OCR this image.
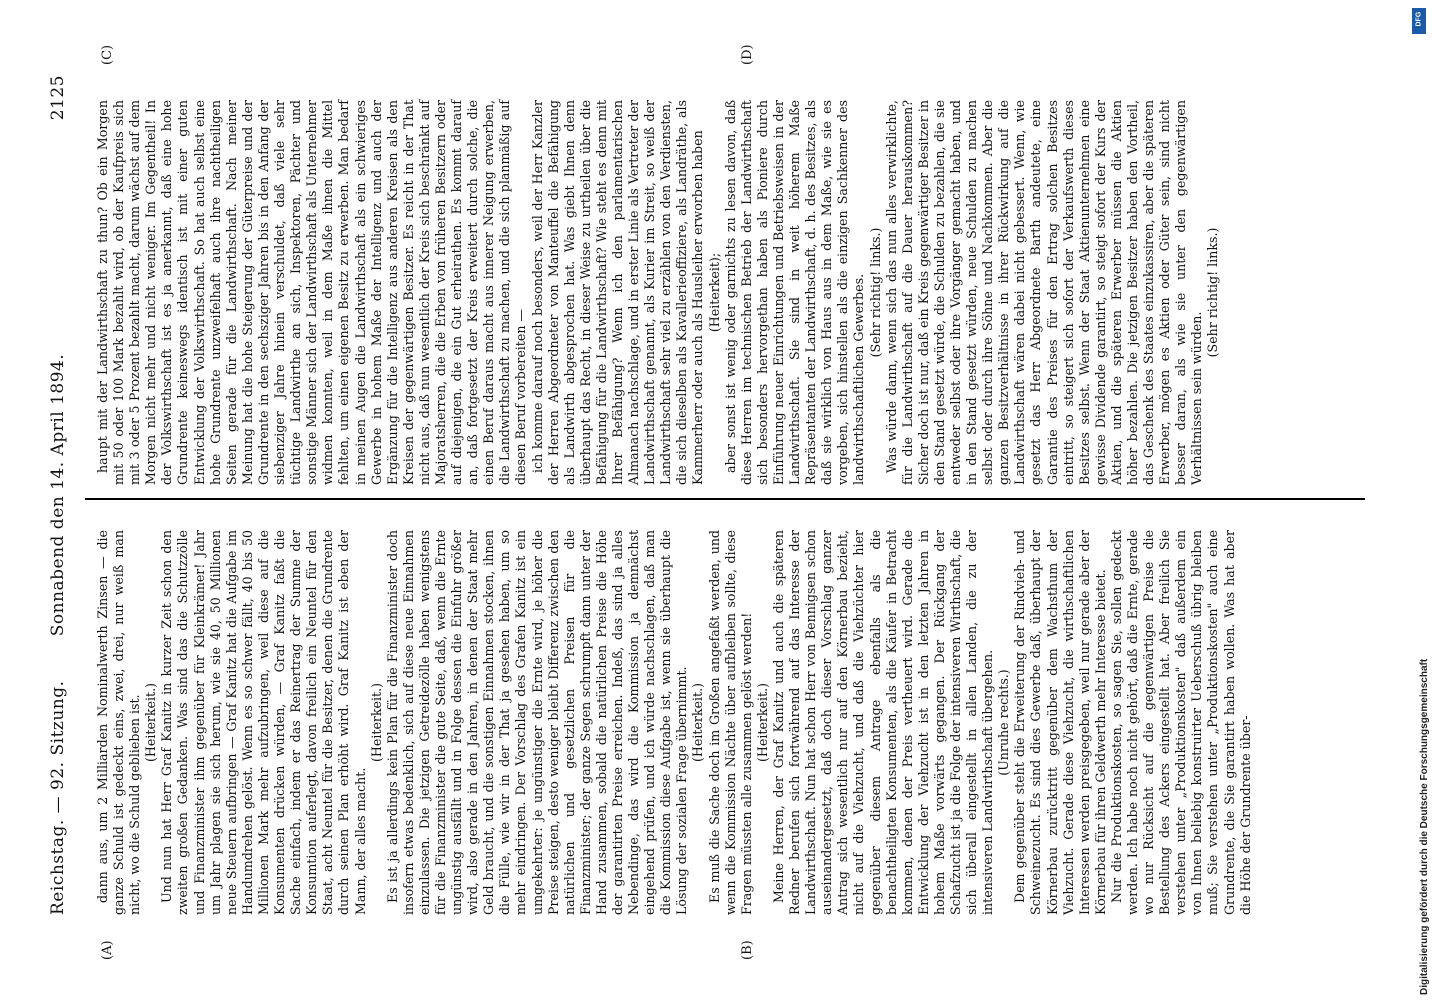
Reichstag. — 92. Sitzung.
Sonnabend den 14. April 1894.
2125
(A)	(B)
(C)	(D)

dann aus, um 2 Milliarden Nominalwerth Zinsen — die ganze Schuld ist gedeckt eins, zwei, drei, nur weiß man nicht, wo die Schuld geblieben ist. (Heiterkeit.) Und nun hat Herr Graf Kanitz in kurzer Zeit schon den zweiten großen Gedanken. Was sind das die Schutzzölle und Finanzminister ihm gegenüber für Kleinkrämer! Jahr um Jahr plagen sie sich herum, wie sie 40, 50 Millionen neue Steuern aufbringen — Graf Kanitz hat die Aufgabe im Handumdrehen gelöst. Wenn es so schwer fällt, 40 bis 50 Millionen Mark mehr aufzubringen, weil diese auf die Konsumenten drücken würden, — Graf Kanitz faßt die Sache einfach, indem er das Reinertrag der Summe der Konsumtion auferlegt, davon freilich ein Neuntel für den Staat, acht Neuntel für die Besitzer, denen die Grundrente durch seinen Plan erhöht wird. Graf Kanitz ist eben der Mann, der alles macht.

(Heiterkeit.) Es ist ja allerdings kein Plan für die Finanzminister doch insofern etwas bedenklich, sich auf diese neue Einnahmen einzulassen. Die jetzigen Getreidezölle haben wenigstens für die Finanzminister die gute Seite, daß, wenn die Ernte ungünstig ausfällt und in Folge dessen die Einfuhr größer wird, also gerade in den Jahren, in denen der Staat mehr Geld braucht, und die sonstigen Einnahmen stocken, ihnen die Fülle, wie wir in der That ja gesehen haben, um so mehr eindringen. Der Vorschlag des Grafen Kanitz ist ein umgekehrter: je ungünstiger die Ernte wird, je höher die Preise steigen, desto weniger bleibt Differenz zwischen den natürlichen und gesetzlichen Preisen für die Finanzminister; der ganze Segen schrumpft dann unter der Hand zusammen, sobald die natürlichen Preise die Höhe der garantirten Preise erreichen. Indeß, das sind ja alles Nebendinge, das wird die Kommission ja demnächst eingehend prüfen, und ich würde nachschlagen, daß man die Kommission diese Aufgabe ist, wenn sie überhaupt die Lösung der sozialen Frage übernimmt. (Heiterkeit.) Es muß die Sache doch im Großen angefaßt werden, und wenn die Kommission Nächte über aufbleiben sollte, diese Fragen müssten alle zusammen gelöst werden! (Heiterkeit.) Meine Herren, der Graf Kanitz und auch die späteren Redner berufen sich fortwährend auf das Interesse der Landwirthschaft. Nun hat schon Herr von Bennigsen schon auseinandergesetzt, daß doch dieser Vorschlag ganzer Antrag sich wesentlich nur auf den Körnerbau bezieht, nicht auf die Viehzucht, und daß die Viehzüchter hier gegenüber diesem Antrage ebenfalls als die benachtheiligten Konsumenten, als die Käufer in Betracht kommen, denen der Preis vertheuert wird. Gerade die Entwicklung der Viehzucht ist in den letzten Jahren in hohem Maße vorwärts gegangen. Der Rückgang der Schafzucht ist ja die Folge der intensiveren Wirthschaft, die sich überall eingestellt in allen Landen, die zu der intensiveren Landwirthschaft übergehen. (Unruhe rechts.) Dem gegenüber steht die Erweiterung der Rindvieh- und Schweinezucht. Es sind dies Gewerbe daß, überhaupt der Körnerbau zurücktritt gegenüber dem Wachsthum der Viehzucht. Gerade diese Viehzucht, die wirthschaftlichen Interessen werden preisgegeben, weil nur gerade aber der Körnerbau für ihren Geldwerth mehr Interesse bietet. Nur die Produktionskosten, so sagen Sie, sollen gedeckt werden. Ich habe noch nicht gehört, daß die Ernte, gerade wo nur Rücksicht auf die gegenwärtigen Preise die Bestellung des Ackers eingestellt hat. Aber freilich Sie verstehen unter „Produktionskosten" daß außerdem ein von Ihnen beliebig konstruirter Ueberschuß übrig bleiben muß; Sie verstehen unter „Produktionskosten" auch eine Grundrente, die Sie garantirt haben wollen. Was hat aber die Höhe der Grundrente über-

haupt mit der Landwirthschaft zu thun? Ob ein Morgen mit 50 oder 100 Mark bezahlt wird, ob der Kaufpreis sich mit 3 oder 5 Prozent bezahlt macht, darum wächst auf dem Morgen nicht mehr und nicht weniger. Im Gegentheil! In der Volkswirthschaft ist es ja anerkannt, daß eine hohe Grundrente keineswegs identisch ist mit einer guten Entwicklung der Volkswirthschaft. So hat auch selbst eine hohe Grundrente unzweifelhaft auch ihre nachtheiligen Seiten gerade für die Landwirthschaft. Nach meiner Meinung hat die hohe Steigerung der Güterpreise und der Grundrente in den sechsziger Jahren bis in den Anfang der siebenziger Jahre hinein verschuldet, daß viele sehr tüchtige Landwirthe an sich, Inspektoren, Pächter und sonstige Männer sich der Landwirthschaft als Unternehmer widmen konnten, weil in dem Maße ihnen die Mittel fehlten, um einen eigenen Besitz zu erwerben. Man bedarf in meinen Augen die Landwirthschaft als ein schwieriges Gewerbe in hohem Maße der Intelligenz und auch der Ergänzung für die Intelligenz aus anderen Kreisen als den Kreisen der gegenwärtigen Besitzer. Es reicht in der That nicht aus, daß nun wesentlich der Kreis sich beschränkt auf Majoratsherren, die die Erben von früheren Besitzern oder auf diejenigen, die ein Gut erheirathen. Es kommt darauf an, daß fortgesetzt der Kreis erweitert durch solche, die einen Beruf daraus macht aus innerer Neigung erwerben, die Landwirthschaft zu machen, und die sich planmäßig auf diesen Beruf vorbereiten — ich komme darauf noch besonders, weil der Herr Kanzler der Herren Abgeordneter von Manteuffel die Befähigung als Landwirth abgesprochen hat. Was giebt Ihnen denn überhaupt das Recht, in dieser Weise zu urtheilen über die Befähigung für die Landwirthschaft? Wie steht es denn mit Ihrer Befähigung? Wenn ich den parlamentarischen Almanach nachschlage, und in erster Linie als Vertreter der Landwirthschaft genannt, als Kurier im Streit, so weiß der Landwirthschaft sehr viel zu erzählen von den Verdiensten, die sich dieselben als Kavallerieoffiziere, als Landräthe, als Kammerherr oder auch als Hausleiher erworben haben (Heiterkeit); aber sonst ist wenig oder garnichts zu lesen davon, daß diese Herren im technischen Betrieb der Landwirthschaft sich besonders hervorgethan haben als Pioniere durch Einführung neuer Einrichtungen und Betriebsweisen in der Landwirthschaft. Sie sind in weit höherem Maße Repräsentanten der Landwirthschaft, d. h. des Besitzes, als daß sie wirklich von Haus aus in dem Maße, wie sie es vorgeben, sich hinstellen als die einzigen Sachkenner des landwirthschaftlichen Gewerbes. (Sehr richtig! links.) Was würde dann, wenn sich das nun alles verwirklichte, für die Landwirthschaft auf die Dauer herauskommen? Sicher doch ist nur, daß ein Kreis gegenwärtiger Besitzer in den Stand gesetzt würde, die Schulden zu bezahlen, die sie entweder selbst oder ihre Vorgänger gemacht haben, und in den Stand gesetzt würden, neue Schulden zu machen selbst oder durch ihre Söhne und Nachkommen. Aber die ganzen Besitzverhältnisse in ihrer Rückwirkung auf die Landwirthschaft wären dabei nicht gebessert. Wenn, wie gesetzt das Herr Abgeordnete Barth andeutete, eine Garantie des Preises für den Ertrag solchen Besitzes eintritt, so steigert sich sofort der Verkaufswerth dieses Besitzes selbst. Wenn der Staat Aktienunternehmen eine gewisse Dividende garantirt, so steigt sofort der Kurs der Aktien, und die späteren Erwerber müssen die Aktien höher bezahlen. Die jetzigen Besitzer haben den Vortheil, das Geschenk des Staates einzukassiren, aber die späteren Erwerber, mögen es Aktien oder Güter sein, sind nicht besser daran, als wie sie unter den gegenwärtigen Verhältnissen sein würden.

(Sehr richtig! links.)

Digitalisierung gefördert durch die Deutsche Forschungsgemeinschaft
DFG
